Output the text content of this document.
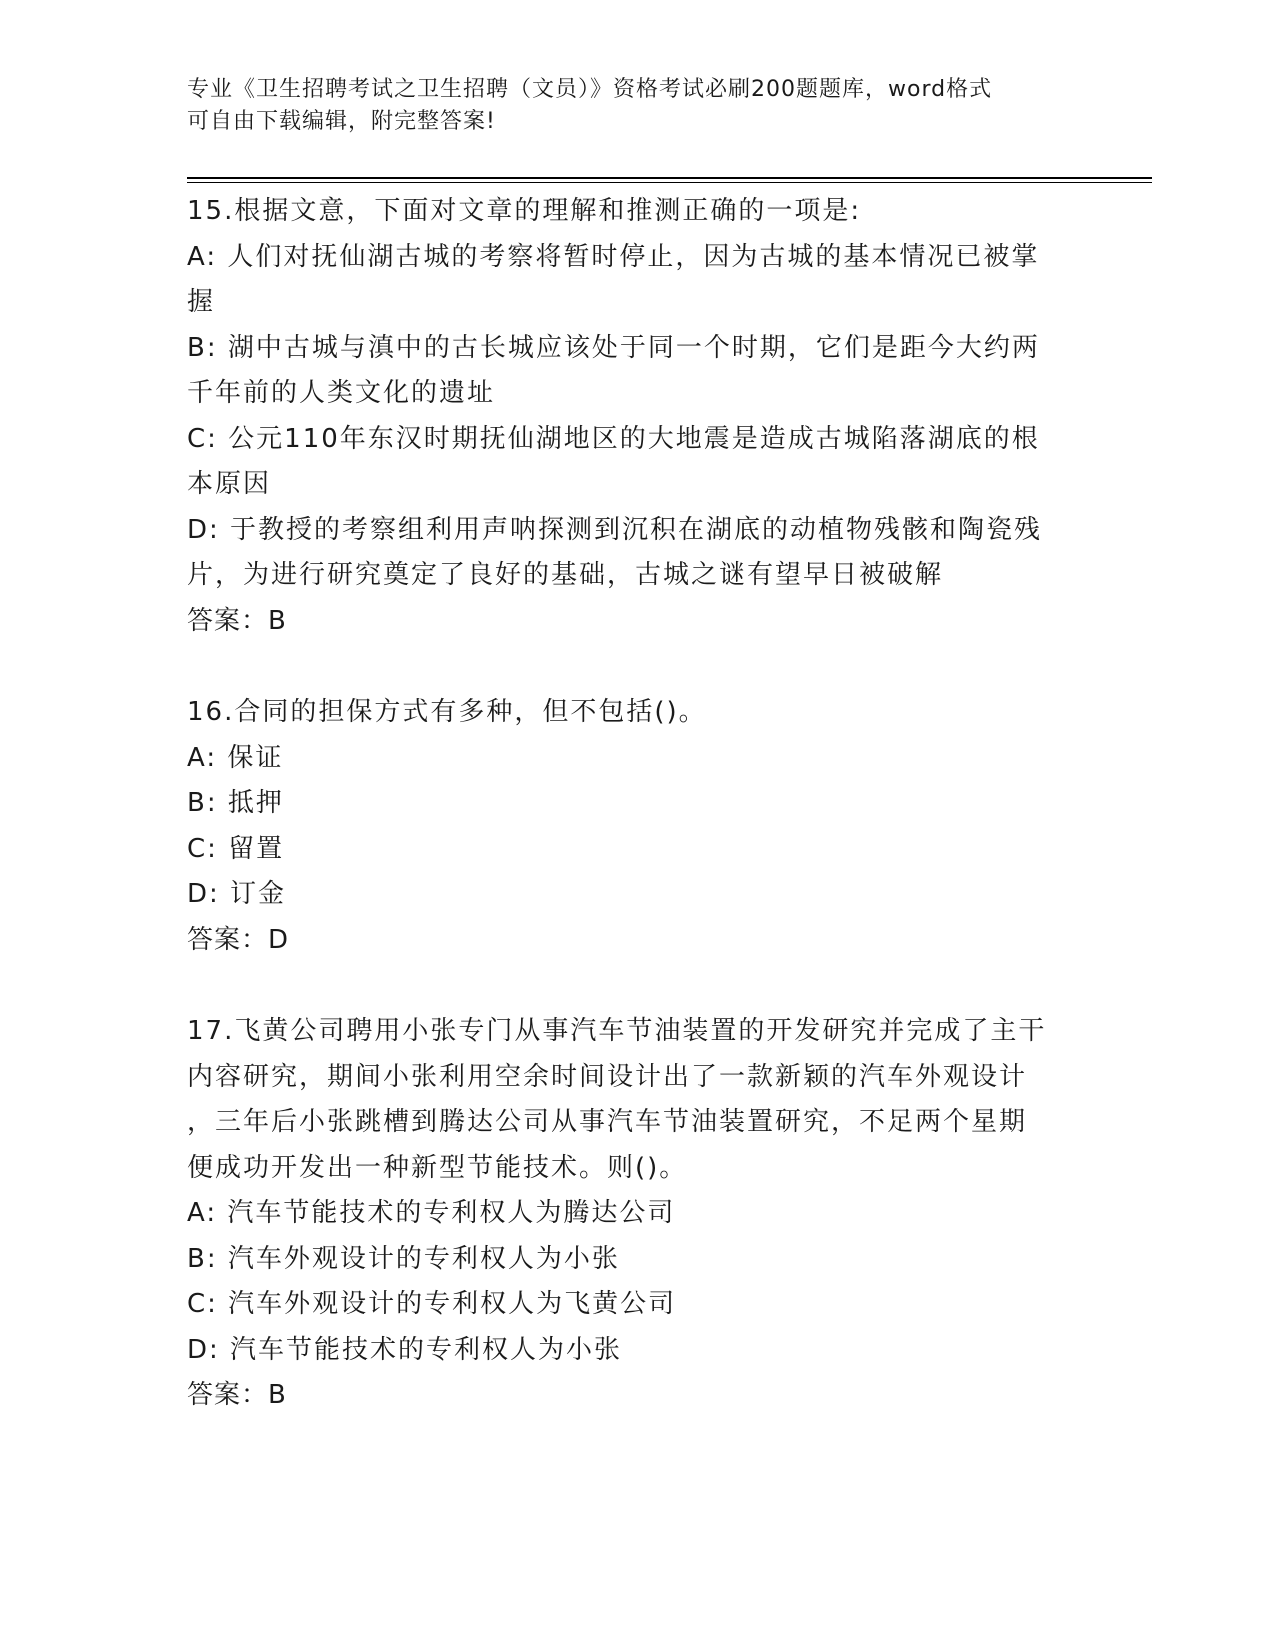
专业《卫生招聘考试之卫生招聘（文员）》资格考试必刷200题题库，word格式
可自由下载编辑，附完整答案!
15.根据文意，下面对文章的理解和推测正确的一项是:
A: 人们对抚仙湖古城的考察将暂时停止，因为古城的基本情况已被掌
握
B: 湖中古城与滇中的古长城应该处于同一个时期，它们是距今大约两
千年前的人类文化的遗址
C: 公元110年东汉时期抚仙湖地区的大地震是造成古城陷落湖底的根
本原因
D: 于教授的考察组利用声呐探测到沉积在湖底的动植物残骸和陶瓷残
片，为进行研究奠定了良好的基础，古城之谜有望早日被破解
答案：B
16.合同的担保方式有多种，但不包括()。
A: 保证
B: 抵押
C: 留置
D: 订金
答案：D
17.飞黄公司聘用小张专门从事汽车节油装置的开发研究并完成了主干
内容研究，期间小张利用空余时间设计出了一款新颖的汽车外观设计
，三年后小张跳槽到腾达公司从事汽车节油装置研究，不足两个星期
便成功开发出一种新型节能技术。则()。
A: 汽车节能技术的专利权人为腾达公司
B: 汽车外观设计的专利权人为小张
C: 汽车外观设计的专利权人为飞黄公司
D: 汽车节能技术的专利权人为小张
答案：B
